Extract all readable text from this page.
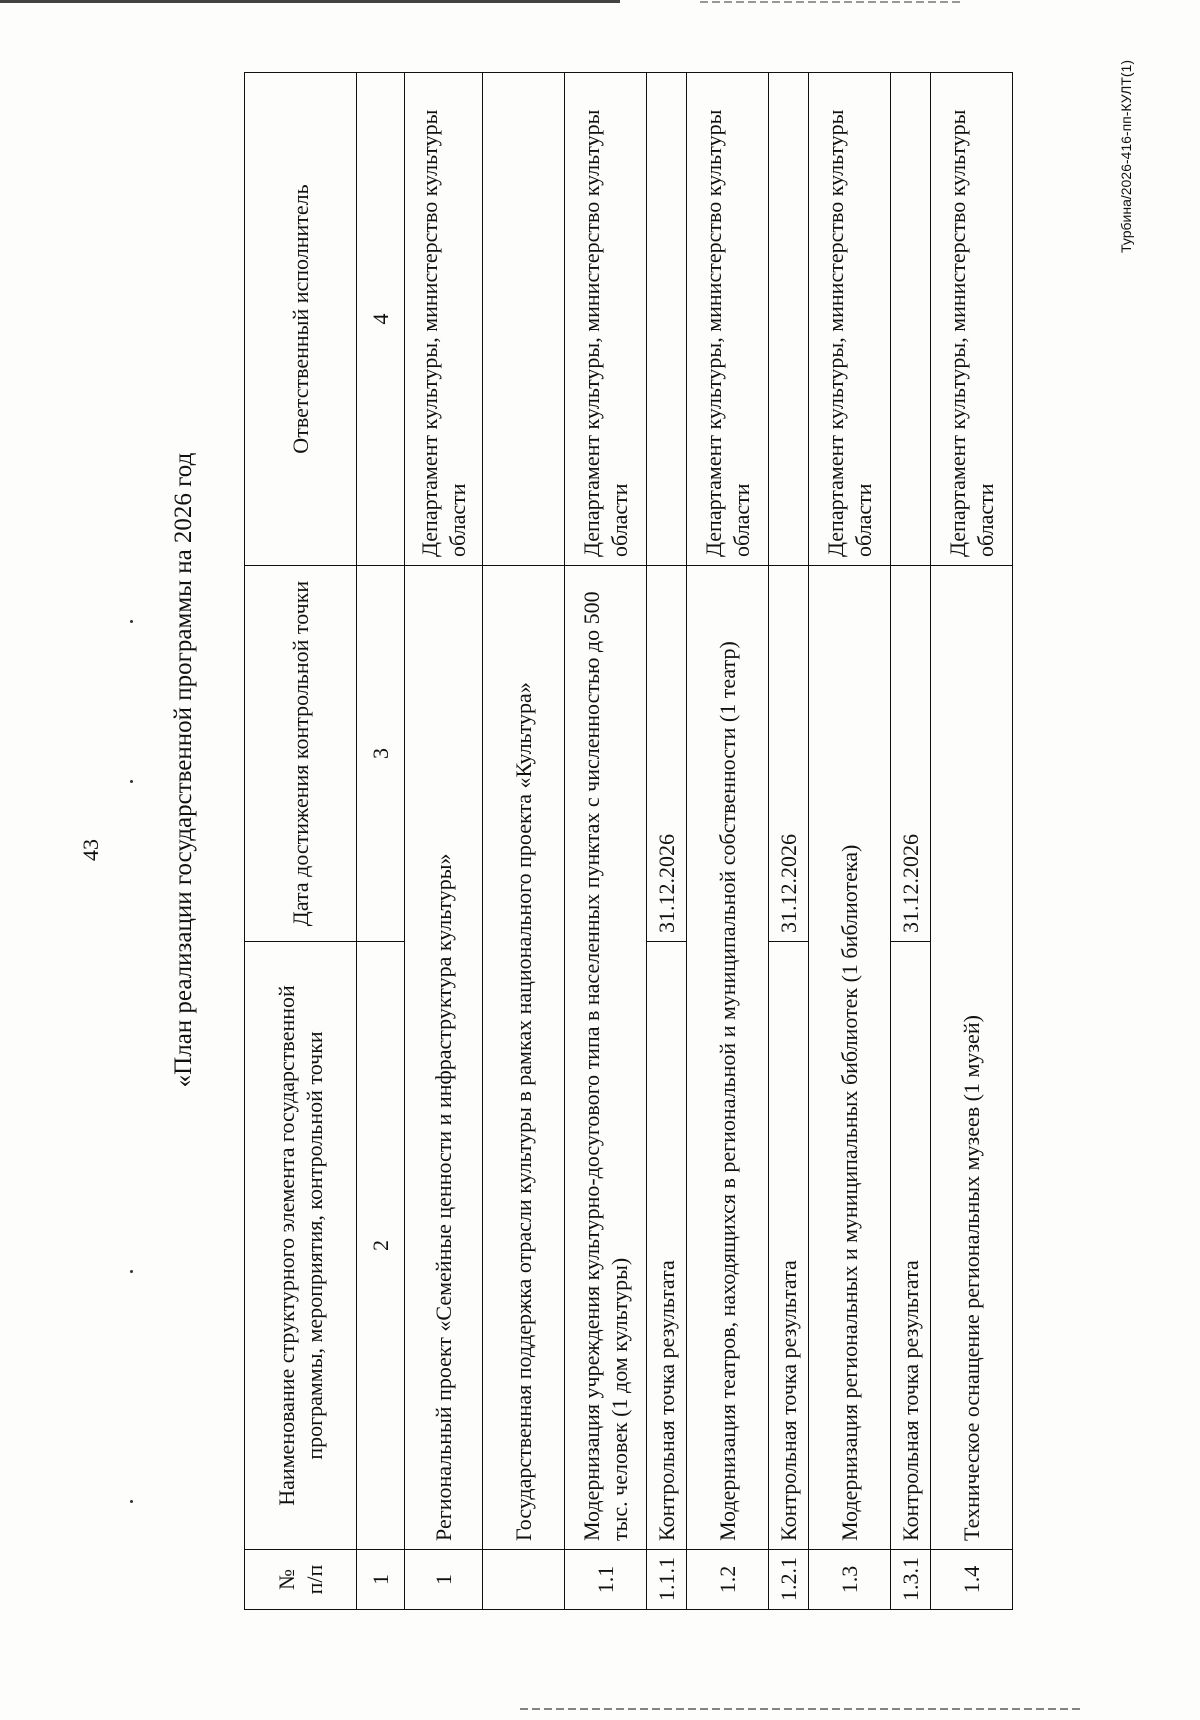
43	«План реализации государственной программы на 2026 год
№ п/п	Наименование структурного элемента государственной программы, мероприятия, контрольной точки	Дата достижения контрольной точки	Ответственный исполнитель
1	2	3	4
1	Региональный проект «Семейные ценности и инфраструктура культуры»		Департамент культуры, министерство культуры области
	Государственная поддержка отрасли культуры в рамках национального проекта «Культура»		
1.1	Модернизация учреждения культурно-досугового типа в населенных пунктах с численностью до 500 тыс. человек (1 дом культуры)		Департамент культуры, министерство культуры области
1.1.1	Контрольная точка результата	31.12.2026	
1.2	Модернизация театров, находящихся в региональной и муниципальной собственности (1 театр)		Департамент культуры, министерство культуры области
1.2.1	Контрольная точка результата	31.12.2026	
1.3	Модернизация региональных и муниципальных библиотек (1 библиотека)		Департамент культуры, министерство культуры области
1.3.1	Контрольная точка результата	31.12.2026	
1.4	Техническое оснащение региональных музеев (1 музей)		Департамент культуры, министерство культуры области
Турбина/2026-416-пп-КУЛТ(1)
